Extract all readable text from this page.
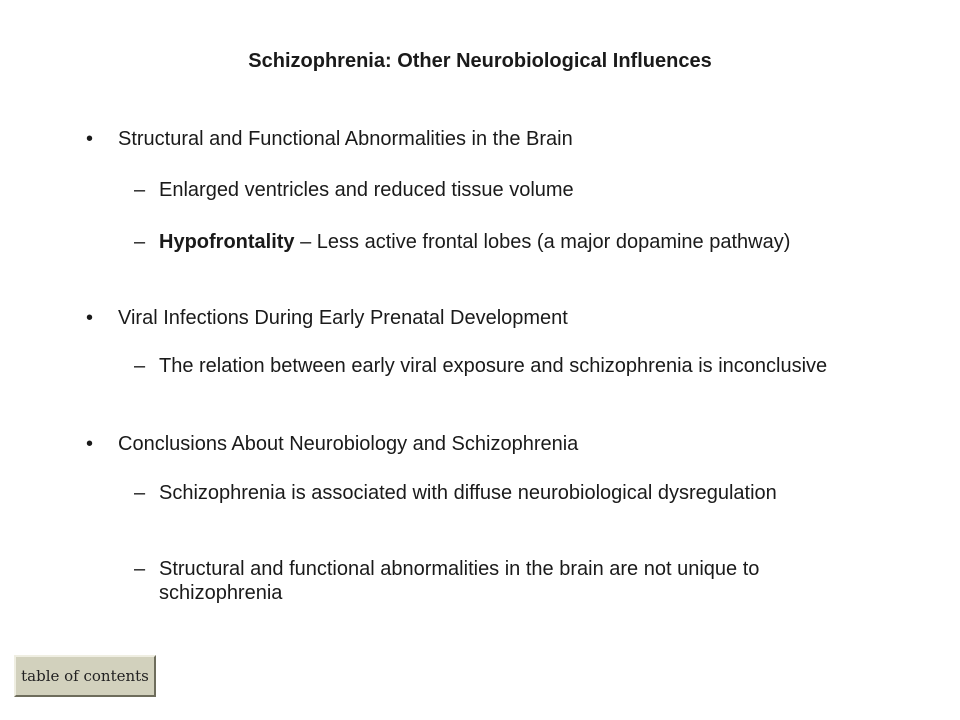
Schizophrenia: Other Neurobiological Influences
•	Structural and Functional Abnormalities in the Brain
– Enlarged ventricles and reduced tissue volume
– Hypofrontality – Less active frontal lobes (a major dopamine pathway)
•	Viral Infections During Early Prenatal Development
– The relation between early viral exposure and schizophrenia is inconclusive
•	Conclusions About Neurobiology and Schizophrenia
– Schizophrenia is associated with diffuse neurobiological dysregulation
– Structural and functional abnormalities in the brain are not unique to schizophrenia
table of contents
